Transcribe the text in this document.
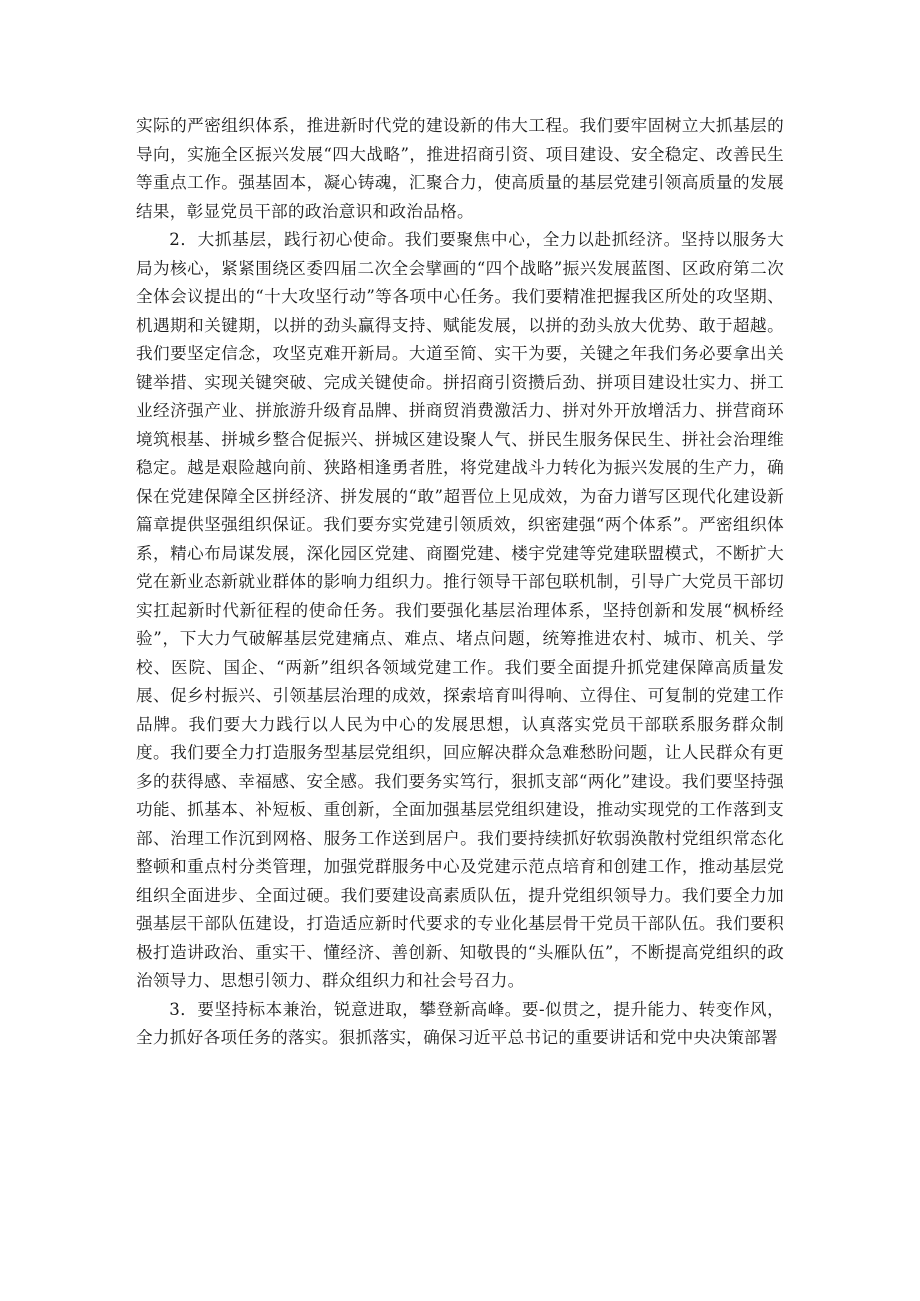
实际的严密组织体系，推进新时代党的建设新的伟大工程。我们要牢固树立大抓基层的导向，实施全区振兴发展“四大战略”，推进招商引资、项目建设、安全稳定、改善民生等重点工作。强基固本，凝心铸魂，汇聚合力，使高质量的基层党建引领高质量的发展结果，彰显党员干部的政治意识和政治品格。

2．大抓基层，践行初心使命。我们要聚焦中心，全力以赴抓经济。坚持以服务大局为核心，紧紧围绕区委四届二次全会擘画的“四个战略”振兴发展蓝图、区政府第二次全体会议提出的“十大攻坚行动”等各项中心任务。我们要精准把握我区所处的攻坚期、机遇期和关键期，以拼的劲头赢得支持、赋能发展，以拼的劲头放大优势、敢于超越。我们要坚定信念，攻坚克难开新局。大道至简、实干为要，关键之年我们务必要拿出关键举措、实现关键突破、完成关键使命。拼招商引资攒后劲、拼项目建设壮实力、拼工业经济强产业、拼旅游升级育品牌、拼商贸消费激活力、拼对外开放增活力、拼营商环境筑根基、拼城乡整合促振兴、拼城区建设聚人气、拼民生服务保民生、拼社会治理维稳定。越是艰险越向前、狭路相逢勇者胜，将党建战斗力转化为振兴发展的生产力，确保在党建保障全区拼经济、拼发展的“敢”超晋位上见成效，为奋力谱写区现代化建设新篇章提供坚强组织保证。我们要夯实党建引领质效，织密建强“两个体系”。严密组织体系，精心布局谋发展，深化园区党建、商圈党建、楼宇党建等党建联盟模式，不断扩大党在新业态新就业群体的影响力组织力。推行领导干部包联机制，引导广大党员干部切实扛起新时代新征程的使命任务。我们要强化基层治理体系，坚持创新和发展“枫桥经验”，下大力气破解基层党建痛点、难点、堵点问题，统筹推进农村、城市、机关、学校、医院、国企、“两新”组织各领域党建工作。我们要全面提升抓党建保障高质量发展、促乡村振兴、引领基层治理的成效，探索培育叫得响、立得住、可复制的党建工作品牌。我们要大力践行以人民为中心的发展思想，认真落实党员干部联系服务群众制度。我们要全力打造服务型基层党组织，回应解决群众急难愁盼问题，让人民群众有更多的获得感、幸福感、安全感。我们要务实笃行，狠抓支部“两化”建设。我们要坚持强功能、抓基本、补短板、重创新，全面加强基层党组织建设，推动实现党的工作落到支部、治理工作沉到网格、服务工作送到居户。我们要持续抓好软弱涣散村党组织常态化整顿和重点村分类管理，加强党群服务中心及党建示范点培育和创建工作，推动基层党组织全面进步、全面过硬。我们要建设高素质队伍，提升党组织领导力。我们要全力加强基层干部队伍建设，打造适应新时代要求的专业化基层骨干党员干部队伍。我们要积极打造讲政治、重实干、懂经济、善创新、知敬畏的“头雁队伍”，不断提高党组织的政治领导力、思想引领力、群众组织力和社会号召力。

3．要坚持标本兼治，锐意进取，攀登新高峰。要-似贯之，提升能力、转变作风，全力抓好各项任务的落实。狠抓落实，确保习近平总书记的重要讲话和党中央决策部署
